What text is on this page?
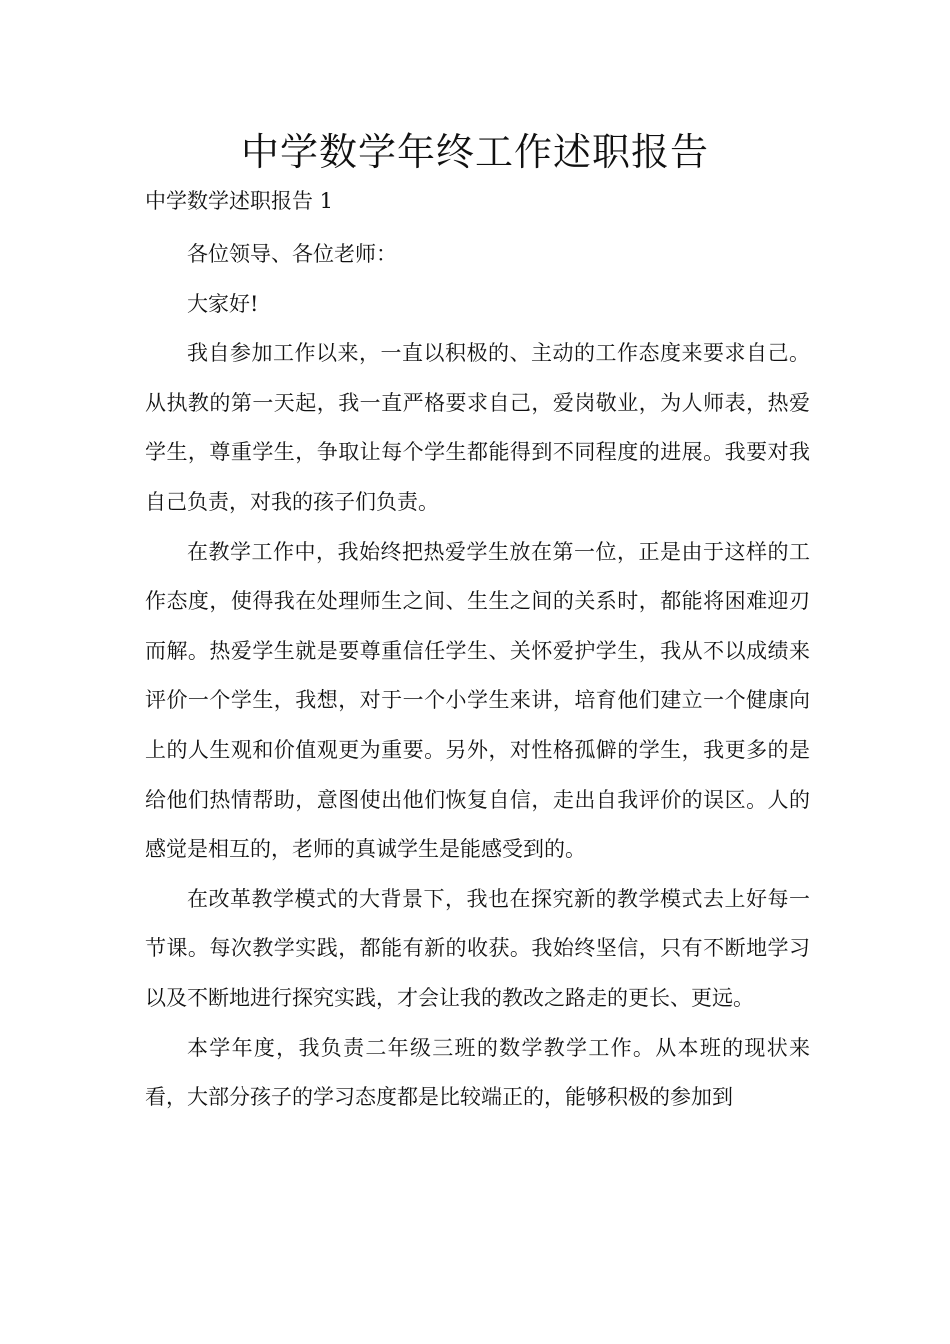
中学数学年终工作述职报告
中学数学述职报告 1

各位领导、各位老师：

大家好!

我自参加工作以来，一直以积极的、主动的工作态度来要求自己。从执教的第一天起，我一直严格要求自己，爱岗敬业，为人师表，热爱学生，尊重学生，争取让每个学生都能得到不同程度的进展。我要对我自己负责，对我的孩子们负责。

在教学工作中，我始终把热爱学生放在第一位，正是由于这样的工作态度，使得我在处理师生之间、生生之间的关系时，都能将困难迎刃而解。热爱学生就是要尊重信任学生、关怀爱护学生，我从不以成绩来评价一个学生，我想，对于一个小学生来讲，培育他们建立一个健康向上的人生观和价值观更为重要。另外，对性格孤僻的学生，我更多的是给他们热情帮助，意图使出他们恢复自信，走出自我评价的误区。人的感觉是相互的，老师的真诚学生是能感受到的。

在改革教学模式的大背景下，我也在探究新的教学模式去上好每一节课。每次教学实践，都能有新的收获。我始终坚信，只有不断地学习以及不断地进行探究实践，才会让我的教改之路走的更长、更远。

本学年度，我负责二年级三班的数学教学工作。从本班的现状来看，大部分孩子的学习态度都是比较端正的，能够积极的参加到
